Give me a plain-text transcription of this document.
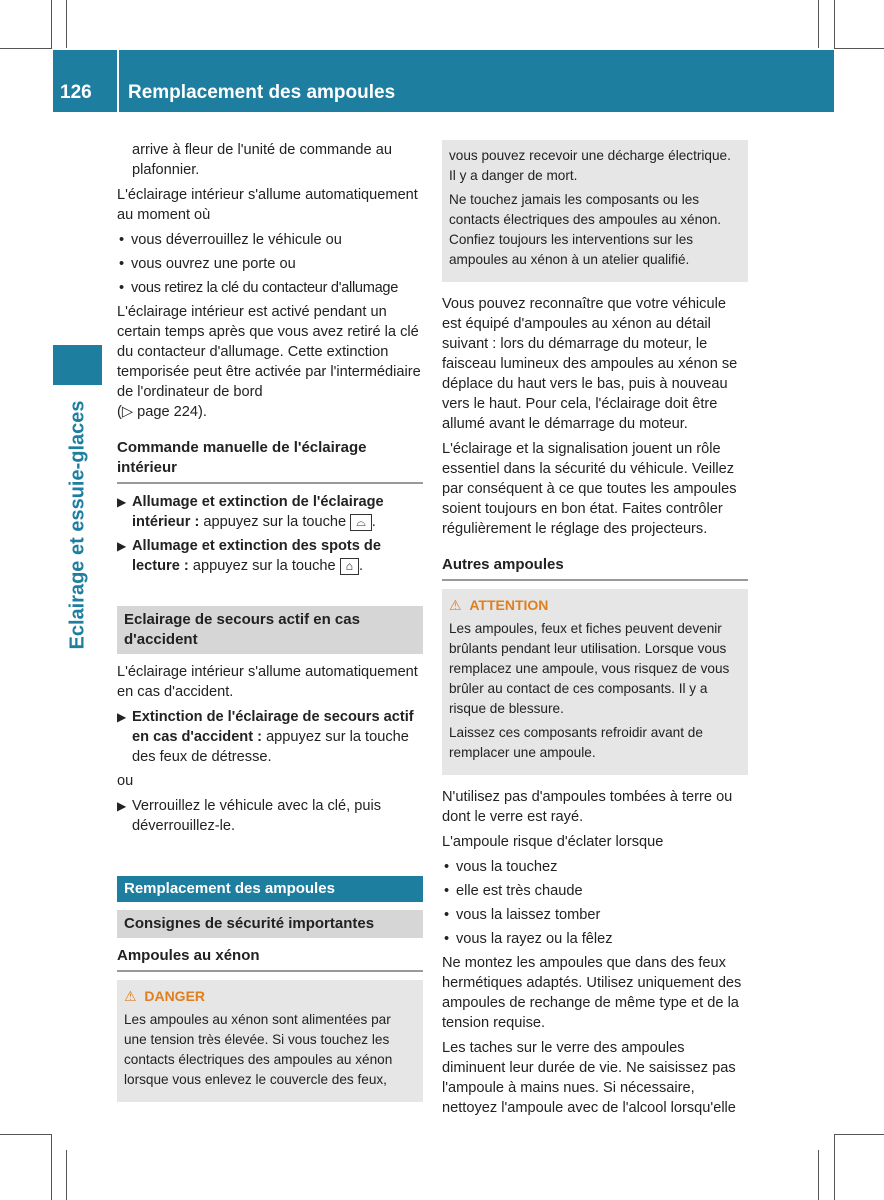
126 Remplacement des ampoules
Eclairage et essuie-glaces

arrive à fleur de l'unité de commande au plafonnier.

L'éclairage intérieur s'allume automatiquement au moment où

• vous déverrouillez le véhicule ou
• vous ouvrez une porte ou
• vous retirez la clé du contacteur d'allumage

L'éclairage intérieur est activé pendant un certain temps après que vous avez retiré la clé du contacteur d'allumage. Cette extinction temporisée peut être activée par l'intermédiaire de l'ordinateur de bord
(▷ page 224).

Commande manuelle de l'éclairage intérieur
▶ Allumage et extinction de l'éclairage intérieur : appuyez sur la touche ⌓ .
▶ Allumage et extinction des spots de lecture : appuyez sur la touche ⌂ .
Eclairage de secours actif en cas d'accident

L'éclairage intérieur s'allume automatiquement en cas d'accident.

▶ Extinction de l'éclairage de secours actif en cas d'accident : appuyez sur la touche des feux de détresse.

ou

▶ Verrouillez le véhicule avec la clé, puis déverrouillez-le.
Remplacement des ampoules
Consignes de sécurité importantes
Ampoules au xénon
⚠ DANGER

Les ampoules au xénon sont alimentées par une tension très élevée. Si vous touchez les contacts électriques des ampoules au xénon lorsque vous enlevez le couvercle des feux,

vous pouvez recevoir une décharge électrique. Il y a danger de mort.

Ne touchez jamais les composants ou les contacts électriques des ampoules au xénon. Confiez toujours les interventions sur les ampoules au xénon à un atelier qualifié.

Vous pouvez reconnaître que votre véhicule est équipé d'ampoules au xénon au détail suivant : lors du démarrage du moteur, le faisceau lumineux des ampoules au xénon se déplace du haut vers le bas, puis à nouveau vers le haut. Pour cela, l'éclairage doit être allumé avant le démarrage du moteur.

L'éclairage et la signalisation jouent un rôle essentiel dans la sécurité du véhicule. Veillez par conséquent à ce que toutes les ampoules soient toujours en bon état. Faites contrôler régulièrement le réglage des projecteurs.

Autres ampoules
⚠ ATTENTION

Les ampoules, feux et fiches peuvent devenir brûlants pendant leur utilisation. Lorsque vous remplacez une ampoule, vous risquez de vous brûler au contact de ces composants. Il y a risque de blessure.

Laissez ces composants refroidir avant de remplacer une ampoule.

N'utilisez pas d'ampoules tombées à terre ou dont le verre est rayé.

L'ampoule risque d'éclater lorsque

• vous la touchez
• elle est très chaude
• vous la laissez tomber
• vous la rayez ou la fêlez

Ne montez les ampoules que dans des feux hermétiques adaptés. Utilisez uniquement des ampoules de rechange de même type et de la tension requise.

Les taches sur le verre des ampoules diminuent leur durée de vie. Ne saisissez pas l'ampoule à mains nues. Si nécessaire, nettoyez l'ampoule avec de l'alcool lorsqu'elle
